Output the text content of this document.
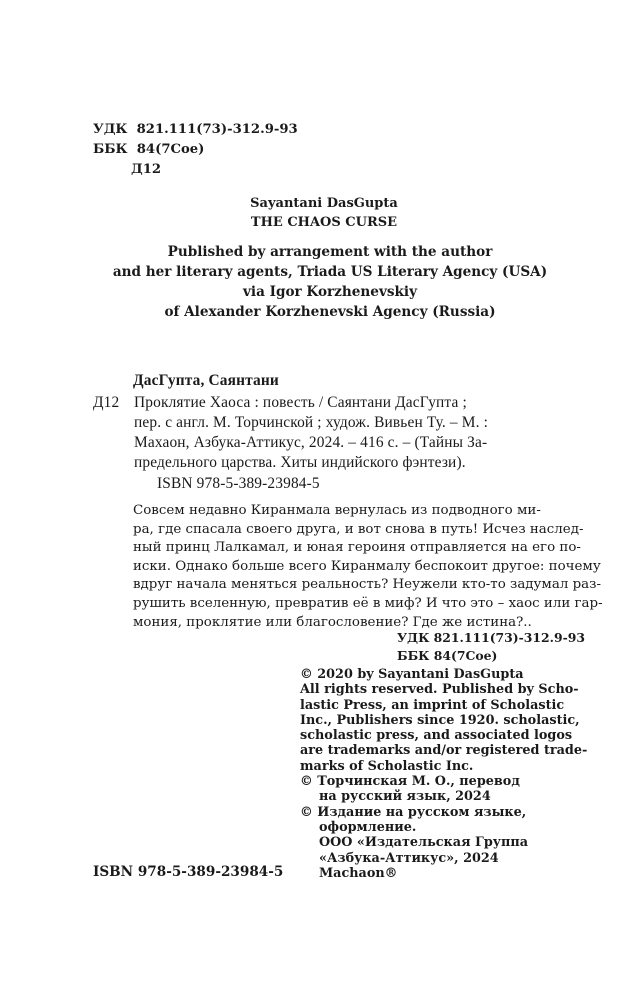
УДК 821.111(73)-312.9-93
ББК 84(7Сое)
Д12
Sayantani DasGupta
THE CHAOS CURSE
Published by arrangement with the author
and her literary agents, Triada US Literary Agency (USA)
via Igor Korzhenevskiy
of Alexander Korzhenevski Agency (Russia)
ДасГупта, Саянтани
Д12 Проклятие Хаоса : повесть / Саянтани ДасГупта ;
пер. с англ. М. Торчинской ; худож. Вивьен Ту. – М. :
Махаон, Азбука-Аттикус, 2024. – 416 с. – (Тайны За-
предельного царства. Хиты индийского фэнтези).
ISBN 978-5-389-23984-5
Совсем недавно Киранмала вернулась из подводного ми-
ра, где спасала своего друга, и вот снова в путь! Исчез наслед-
ный принц Лалкамал, и юная героиня отправляется на его по-
иски. Однако больше всего Киранмалу беспокоит другое: почему
вдруг начала меняться реальность? Неужели кто-то задумал раз-
рушить вселенную, превратив её в миф? И что это – хаос или гар-
мония, проклятие или благословение? Где же истина?..
УДК 821.111(73)-312.9-93
ББК 84(7Сое)
© 2020 by Sayantani DasGupta
All rights reserved. Published by Scho-
lastic Press, an imprint of Scholastic
Inc., Publishers since 1920. scholastic,
scholastic press, and associated logos
are trademarks and/or registered trade-
marks of Scholastic Inc.
© Торчинская М. О., перевод
на русский язык, 2024
© Издание на русском языке,
оформление.
ООО «Издательская Группа
«Азбука-Аттикус», 2024
Machaon®
ISBN 978-5-389-23984-5
